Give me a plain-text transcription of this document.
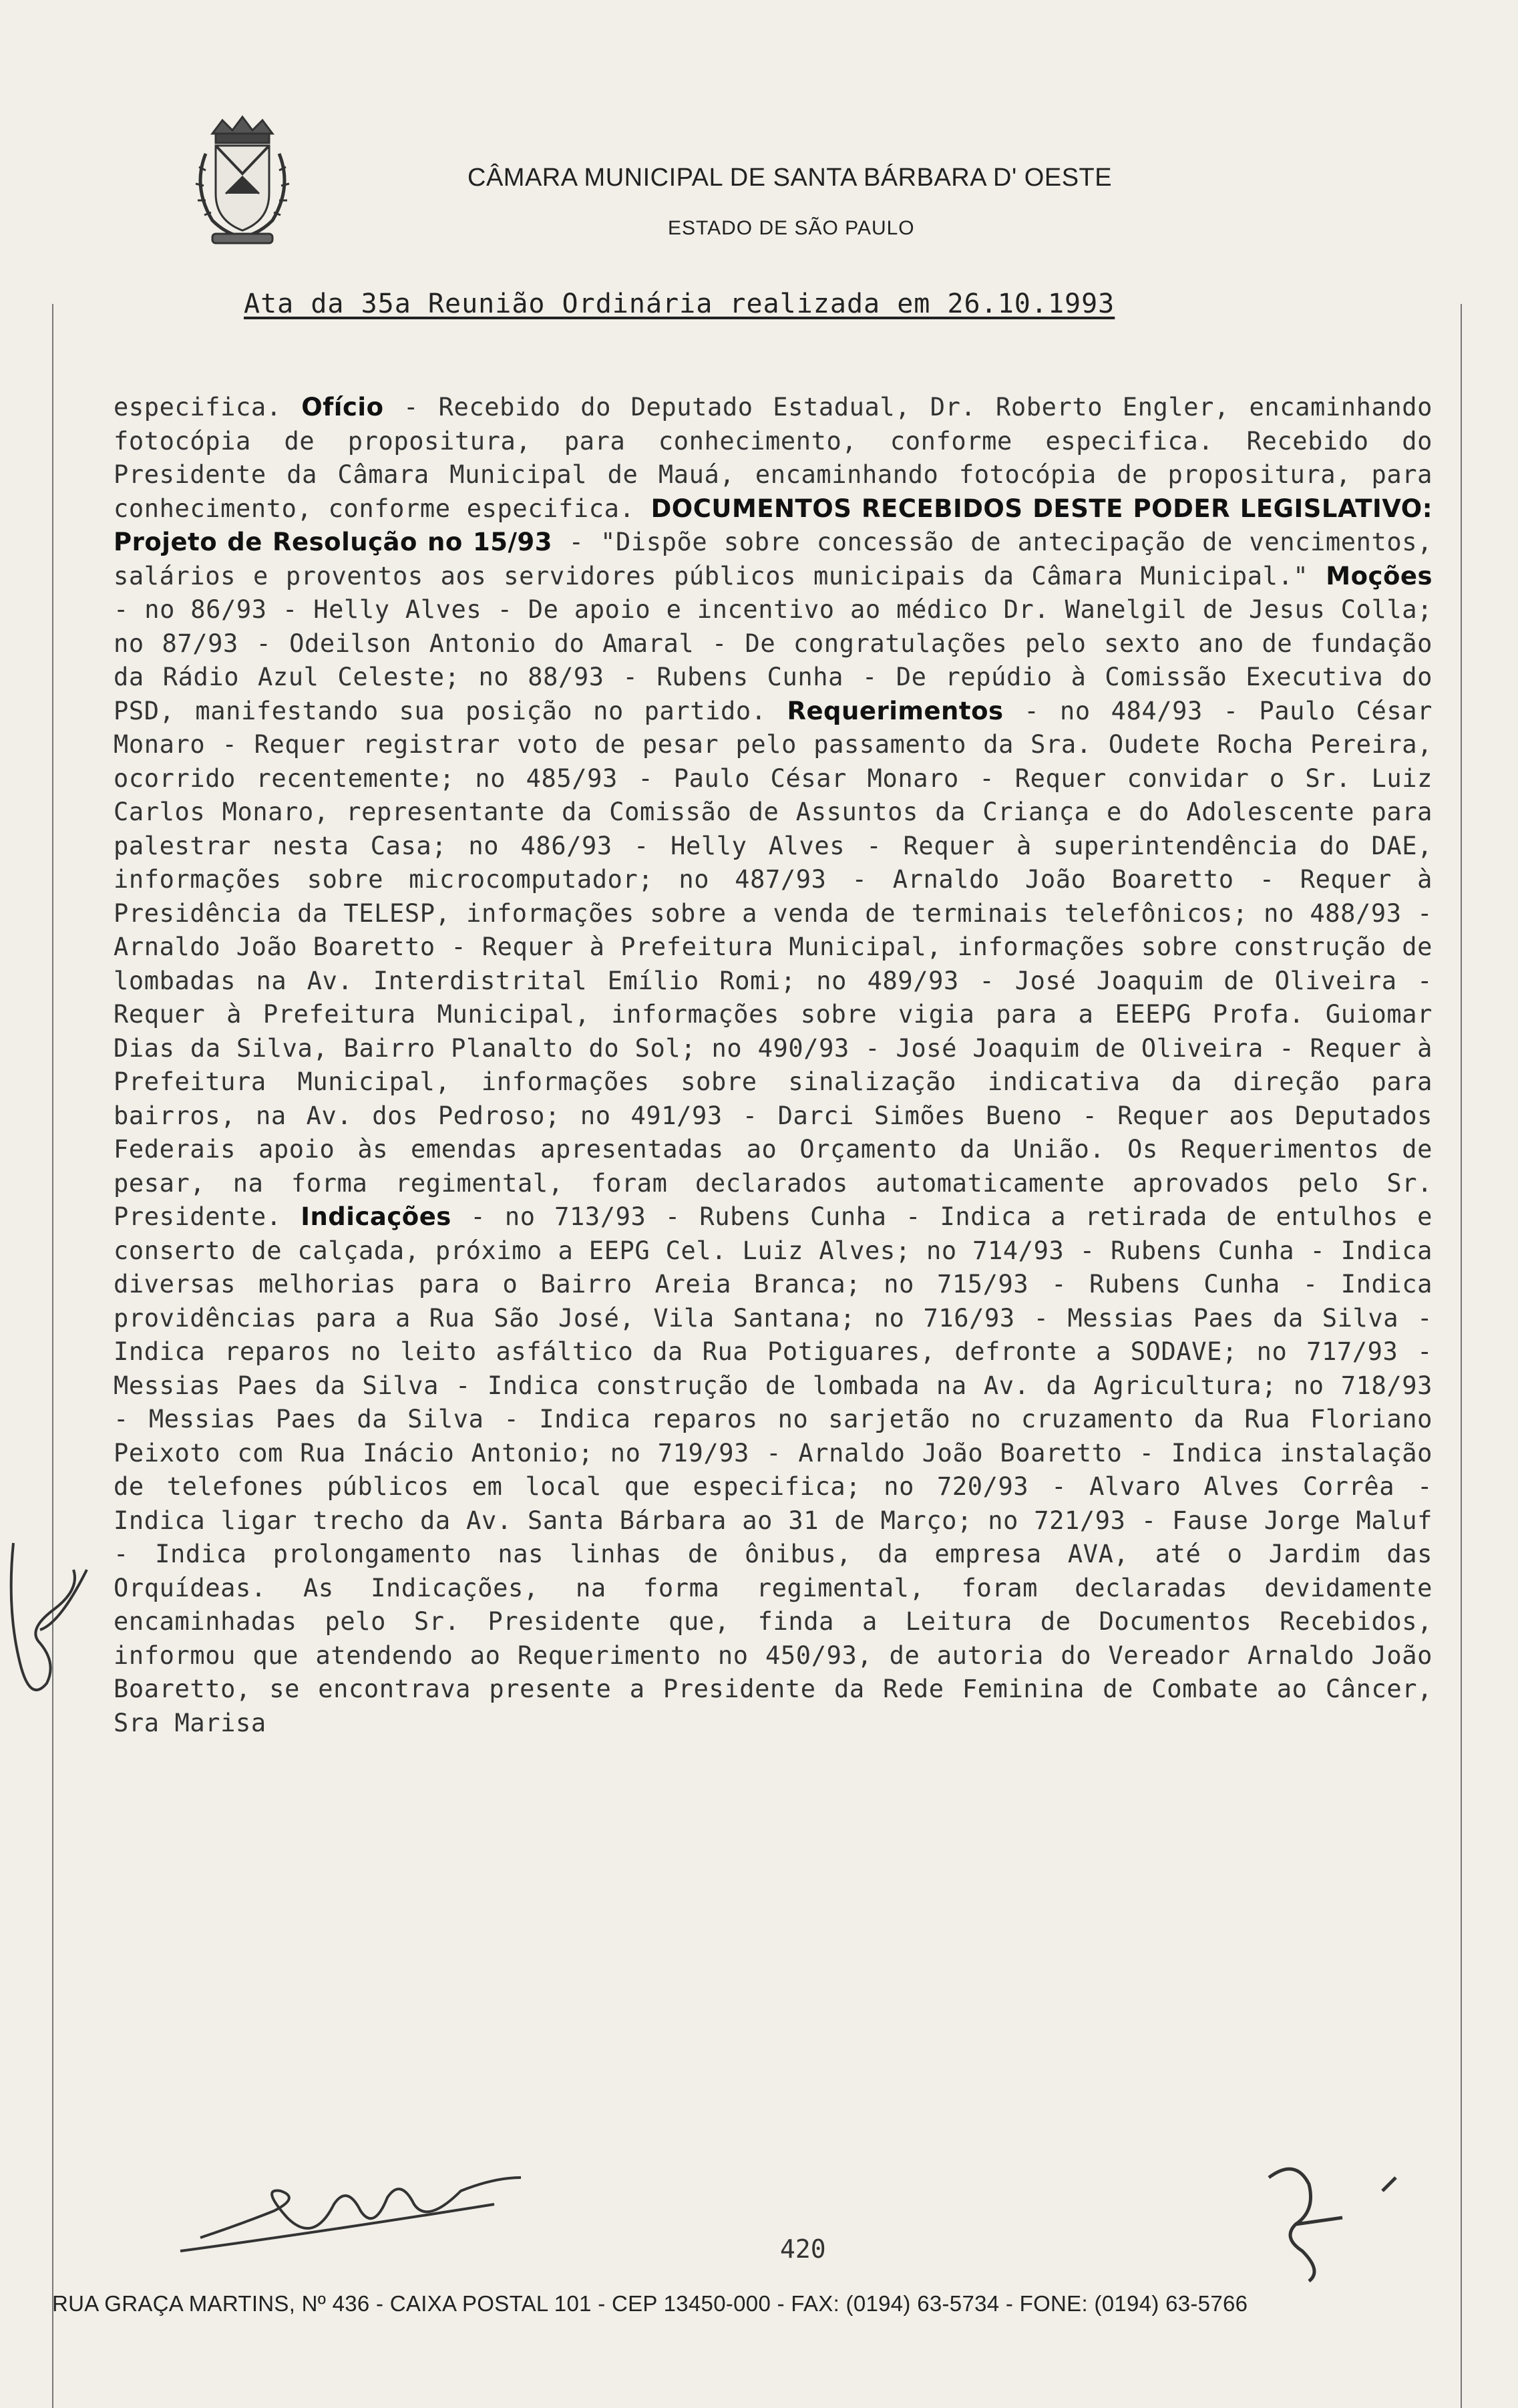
CÂMARA MUNICIPAL DE SANTA BÁRBARA D' OESTE
ESTADO DE SÃO PAULO
Ata da 35a Reunião Ordinária realizada em 26.10.1993
especifica. Ofício - Recebido do Deputado Estadual, Dr. Roberto Engler, encaminhando fotocópia de propositura, para conhecimento, conforme especifica. Recebido do Presidente da Câmara Municipal de Mauá, encaminhando fotocópia de propositura, para conhecimento, conforme especifica. DOCUMENTOS RECEBIDOS DESTE PODER LEGISLATIVO: Projeto de Resolução no 15/93 - "Dispõe sobre concessão de antecipação de vencimentos, salários e proventos aos servidores públicos municipais da Câmara Municipal." Moções - no 86/93 - Helly Alves - De apoio e incentivo ao médico Dr. Wanelgil de Jesus Colla; no 87/93 - Odeilson Antonio do Amaral - De congratulações pelo sexto ano de fundação da Rádio Azul Celeste; no 88/93 - Rubens Cunha - De repúdio à Comissão Executiva do PSD, manifestando sua posição no partido. Requerimentos - no 484/93 - Paulo César Monaro - Requer registrar voto de pesar pelo passamento da Sra. Oudete Rocha Pereira, ocorrido recentemente; no 485/93 - Paulo César Monaro - Requer convidar o Sr. Luiz Carlos Monaro, representante da Comissão de Assuntos da Criança e do Adolescente para palestrar nesta Casa; no 486/93 - Helly Alves - Requer à superintendência do DAE, informações sobre microcomputador; no 487/93 - Arnaldo João Boaretto - Requer à Presidência da TELESP, informações sobre a venda de terminais telefônicos; no 488/93 - Arnaldo João Boaretto - Requer à Prefeitura Municipal, informações sobre construção de lombadas na Av. Interdistrital Emílio Romi; no 489/93 - José Joaquim de Oliveira - Requer à Prefeitura Municipal, informações sobre vigia para a EEEPG Profa. Guiomar Dias da Silva, Bairro Planalto do Sol; no 490/93 - José Joaquim de Oliveira - Requer à Prefeitura Municipal, informações sobre sinalização indicativa da direção para bairros, na Av. dos Pedroso; no 491/93 - Darci Simões Bueno - Requer aos Deputados Federais apoio às emendas apresentadas ao Orçamento da União. Os Requerimentos de pesar, na forma regimental, foram declarados automaticamente aprovados pelo Sr. Presidente. Indicações - no 713/93 - Rubens Cunha - Indica a retirada de entulhos e conserto de calçada, próximo a EEPG Cel. Luiz Alves; no 714/93 - Rubens Cunha - Indica diversas melhorias para o Bairro Areia Branca; no 715/93 - Rubens Cunha - Indica providências para a Rua São José, Vila Santana; no 716/93 - Messias Paes da Silva - Indica reparos no leito asfáltico da Rua Potiguares, defronte a SODAVE; no 717/93 - Messias Paes da Silva - Indica construção de lombada na Av. da Agricultura; no 718/93 - Messias Paes da Silva - Indica reparos no sarjetão no cruzamento da Rua Floriano Peixoto com Rua Inácio Antonio; no 719/93 - Arnaldo João Boaretto - Indica instalação de telefones públicos em local que especifica; no 720/93 - Alvaro Alves Corrêa - Indica ligar trecho da Av. Santa Bárbara ao 31 de Março; no 721/93 - Fause Jorge Maluf - Indica prolongamento nas linhas de ônibus, da empresa AVA, até o Jardim das Orquídeas. As Indicações, na forma regimental, foram declaradas devidamente encaminhadas pelo Sr. Presidente que, finda a Leitura de Documentos Recebidos, informou que atendendo ao Requerimento no 450/93, de autoria do Vereador Arnaldo João Boaretto, se encontrava presente a Presidente da Rede Feminina de Combate ao Câncer, Sra Marisa
420
RUA GRAÇA MARTINS, Nº 436 - CAIXA POSTAL 101 - CEP 13450-000 - FAX: (0194) 63-5734 - FONE: (0194) 63-5766
